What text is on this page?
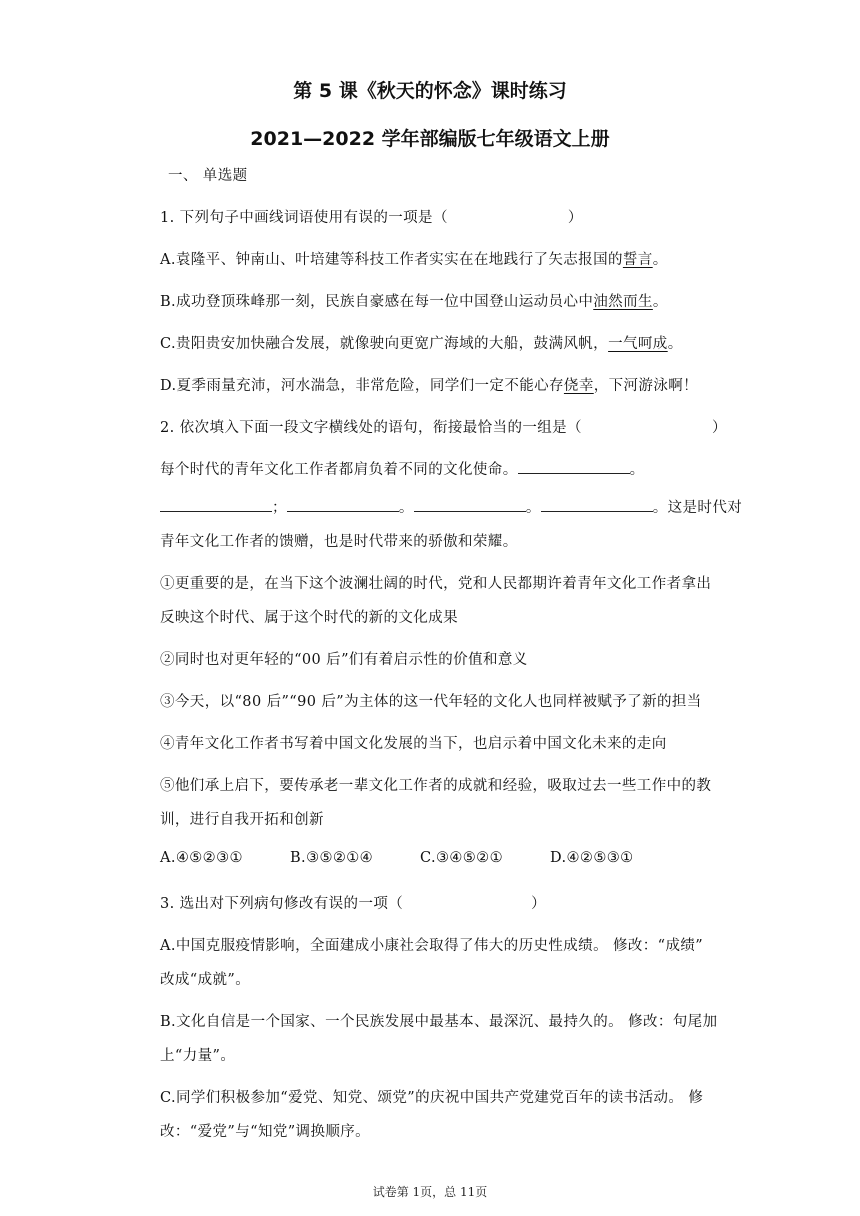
第 5 课《秋天的怀念》课时练习
2021—2022 学年部编版七年级语文上册
一、 单选题
1. 下列句子中画线词语使用有误的一项是（	）
A.袁隆平、钟南山、叶培建等科技工作者实实在在地践行了矢志报国的誓言。
B.成功登顶珠峰那一刻，民族自豪感在每一位中国登山运动员心中油然而生。
C.贵阳贵安加快融合发展，就像驶向更宽广海域的大船，鼓满风帆，一气呵成。
D.夏季雨量充沛，河水湍急，非常危险，同学们一定不能心存侥幸，下河游泳啊！
2. 依次填入下面一段文字横线处的语句，衔接最恰当的一组是（	）
每个时代的青年文化工作者都肩负着不同的文化使命。	。
；	。	。	。这是时代对
青年文化工作者的馈赠，也是时代带来的骄傲和荣耀。
①更重要的是，在当下这个波澜壮阔的时代，党和人民都期许着青年文化工作者拿出
反映这个时代、属于这个时代的新的文化成果
②同时也对更年轻的“00 后”们有着启示性的价值和意义
③今天，以“80 后”“90 后”为主体的这一代年轻的文化人也同样被赋予了新的担当
④青年文化工作者书写着中国文化发展的当下，也启示着中国文化未来的走向
⑤他们承上启下，要传承老一辈文化工作者的成就和经验，吸取过去一些工作中的教
训，进行自我开拓和创新
A.④⑤②③①	B.③⑤②①④	C.③④⑤②①	D.④②⑤③①
3. 选出对下列病句修改有误的一项（	）
A.中国克服疫情影响，全面建成小康社会取得了伟大的历史性成绩。 修改：“成绩”
改成“成就”。
B.文化自信是一个国家、一个民族发展中最基本、最深沉、最持久的。 修改：句尾加
上“力量”。
C.同学们积极参加“爱党、知党、颂党”的庆祝中国共产党建党百年的读书活动。 修
改：“爱党”与“知党”调换顺序。
试卷第 1页，总 11页
